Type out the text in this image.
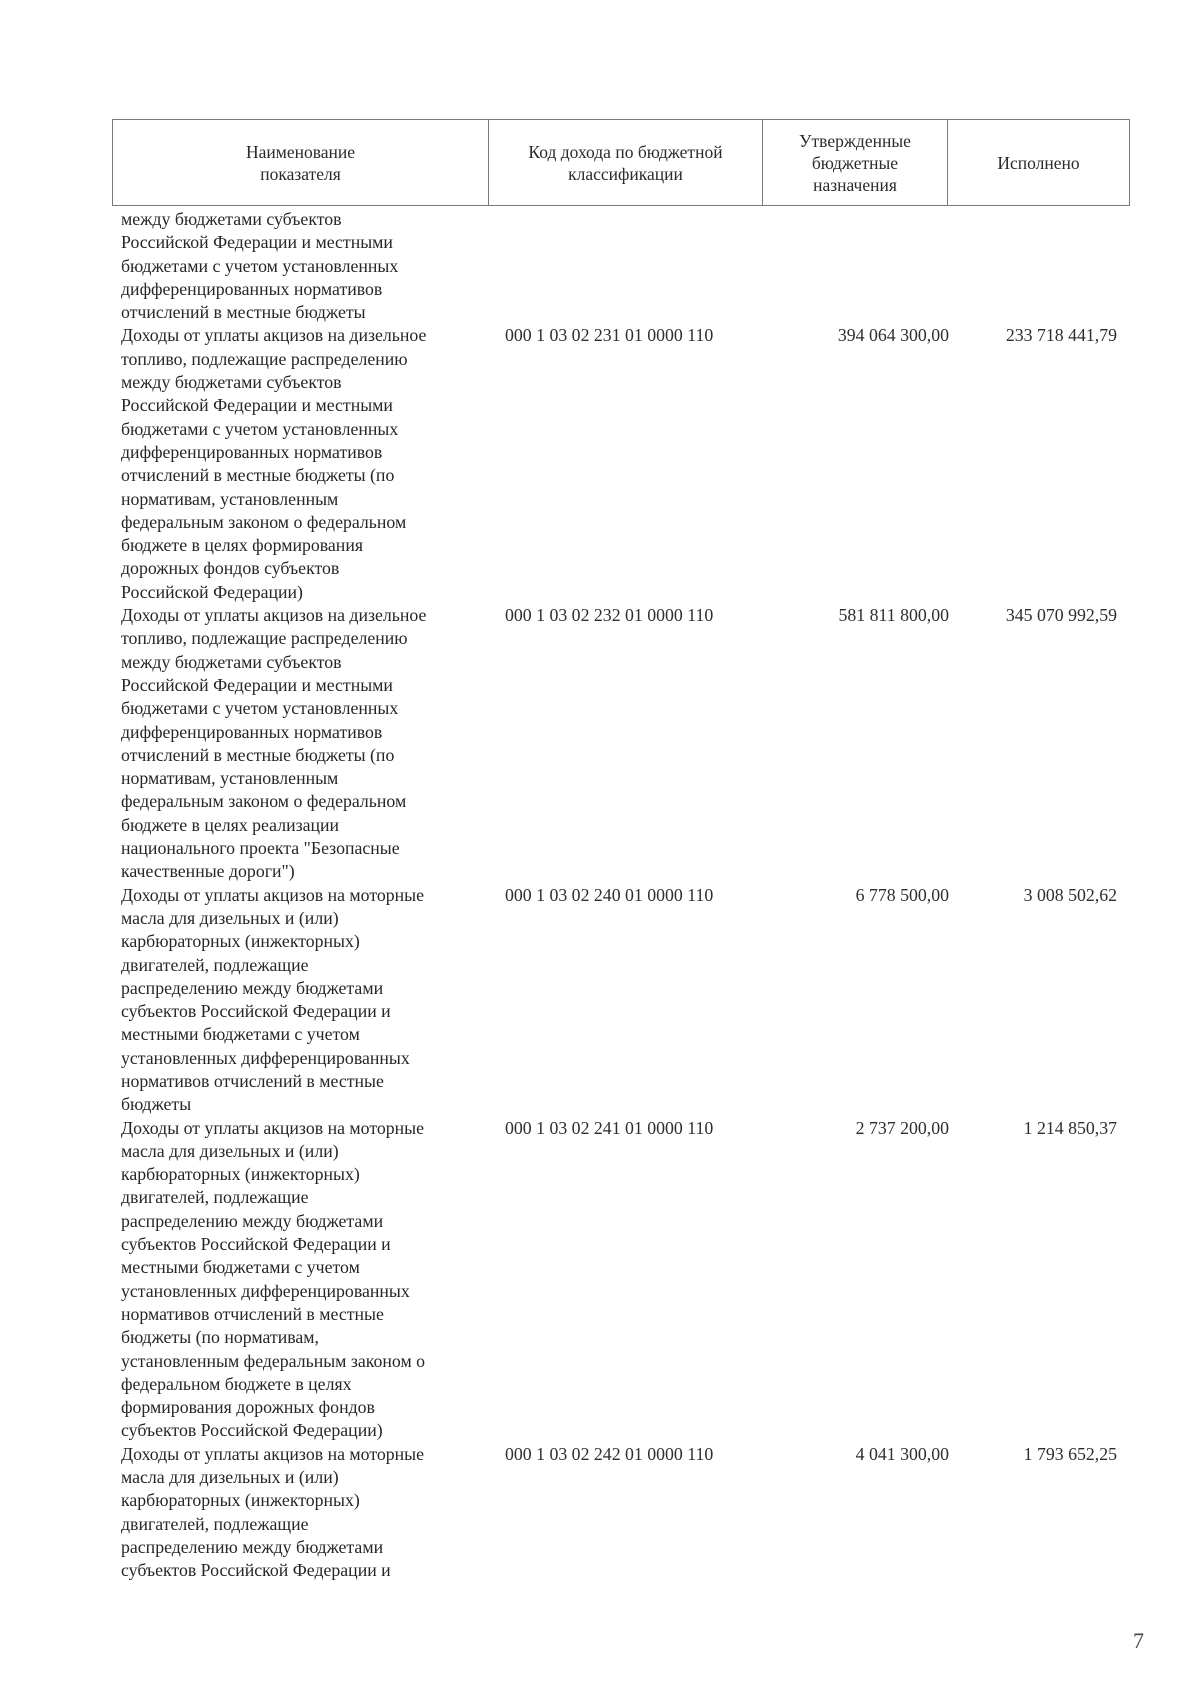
Наименование
показателя

Код дохода по бюджетной
классификации

Утвержденные
бюджетные
назначения

Исполнено
между бюджетами субъектов
Российской Федерации и местными
бюджетами с учетом установленных
дифференцированных нормативов
отчислений в местные бюджеты
Доходы от уплаты акцизов на дизельное
топливо, подлежащие распределению
между бюджетами субъектов
Российской Федерации и местными
бюджетами с учетом установленных
дифференцированных нормативов
отчислений в местные бюджеты (по
нормативам, установленным
федеральным законом о федеральном
бюджете в целях формирования
дорожных фондов субъектов
Российской Федерации)
000 1 03 02 231 01 0000 110	394 064 300,00	233 718 441,79
Доходы от уплаты акцизов на дизельное
топливо, подлежащие распределению
между бюджетами субъектов
Российской Федерации и местными
бюджетами с учетом установленных
дифференцированных нормативов
отчислений в местные бюджеты (по
нормативам, установленным
федеральным законом о федеральном
бюджете в целях реализации
национального проекта "Безопасные
качественные дороги")
000 1 03 02 232 01 0000 110	581 811 800,00	345 070 992,59
Доходы от уплаты акцизов на моторные
масла для дизельных и (или)
карбюраторных (инжекторных)
двигателей, подлежащие
распределению между бюджетами
субъектов Российской Федерации и
местными бюджетами с учетом
установленных дифференцированных
нормативов отчислений в местные
бюджеты
000 1 03 02 240 01 0000 110	6 778 500,00	3 008 502,62
Доходы от уплаты акцизов на моторные
масла для дизельных и (или)
карбюраторных (инжекторных)
двигателей, подлежащие
распределению между бюджетами
субъектов Российской Федерации и
местными бюджетами с учетом
установленных дифференцированных
нормативов отчислений в местные
бюджеты (по нормативам,
установленным федеральным законом о
федеральном бюджете в целях
формирования дорожных фондов
субъектов Российской Федерации)
000 1 03 02 241 01 0000 110	2 737 200,00	1 214 850,37
Доходы от уплаты акцизов на моторные
масла для дизельных и (или)
карбюраторных (инжекторных)
двигателей, подлежащие
распределению между бюджетами
субъектов Российской Федерации и
000 1 03 02 242 01 0000 110	4 041 300,00	1 793 652,25
7
